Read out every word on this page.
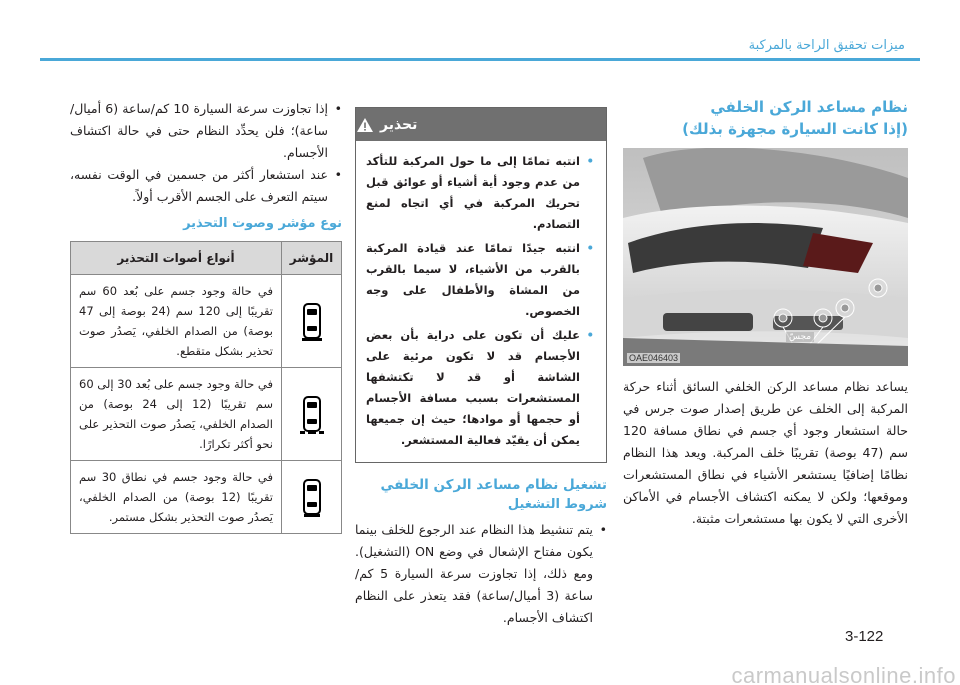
ميزات تحقيق الراحة بالمركبة
نظام مساعد الركن الخلفي
(إذا كانت السيارة مجهزة بذلك)
مجسّ
OAE046403

يساعد نظام مساعد الركن الخلفي السائق أثناء حركة المركبة إلى الخلف عن طريق إصدار صوت جرس في حالة استشعار وجود أي جسم في نطاق مسافة 120 سم (47 بوصة) تقريبًا خلف المركبة. ويعد هذا النظام نظامًا إضافيًا يستشعر الأشياء في نطاق المستشعرات وموقعها؛ ولكن لا يمكنه اكتشاف الأجسام في الأماكن الأخرى التي لا يكون بها مستشعرات مثبتة.

تحذير
• انتبه تمامًا إلى ما حول المركبة للتأكد من عدم وجود أية أشياء أو عوائق قبل تحريك المركبة في أي اتجاه لمنع التصادم.
• انتبه جيدًا تمامًا عند قيادة المركبة بالقرب من الأشياء، لا سيما بالقرب من المشاة والأطفال على وجه الخصوص.
• عليك أن تكون على دراية بأن بعض الأجسام قد لا تكون مرئية على الشاشة أو قد لا تكتشفها المستشعرات بسبب مسافة الأجسام أو حجمها أو موادها؛ حيث إن جميعها يمكن أن يقيّد فعالية المستشعر.
تشغيل نظام مساعد الركن الخلفي
شروط التشغيل
• يتم تنشيط هذا النظام عند الرجوع للخلف بينما يكون مفتاح الإشعال في وضع ON (التشغيل). ومع ذلك، إذا تجاوزت سرعة السيارة 5 كم/ساعة (3 أميال/ساعة) فقد يتعذر على النظام اكتشاف الأجسام.
• إذا تجاوزت سرعة السيارة 10 كم/ساعة (6 أميال/ساعة)؛ فلن يحدِّد النظام حتى في حالة اكتشاف الأجسام.
• عند استشعار أكثر من جسمين في الوقت نفسه، سيتم التعرف على الجسم الأقرب أولاً.
نوع مؤشر وصوت التحذير
المؤشر	أنواع أصوات التحذير

	في حالة وجود جسم على بُعد 60 سم تقريبًا إلى 120 سم (24 بوصة إلى 47 بوصة) من الصدام الخلفي، يَصدُر صوت تحذير بشكل متقطع.

	في حالة وجود جسم على بُعد 30 إلى 60 سم تقريبًا (12 إلى 24 بوصة) من الصدام الخلفي، يَصدُر صوت التحذير على نحو أكثر تكرارًا.

	في حالة وجود جسم في نطاق 30 سم تقريبًا (12 بوصة) من الصدام الخلفي، يَصدُر صوت التحذير بشكل مستمر.
3-122
carmanualsonline.info
